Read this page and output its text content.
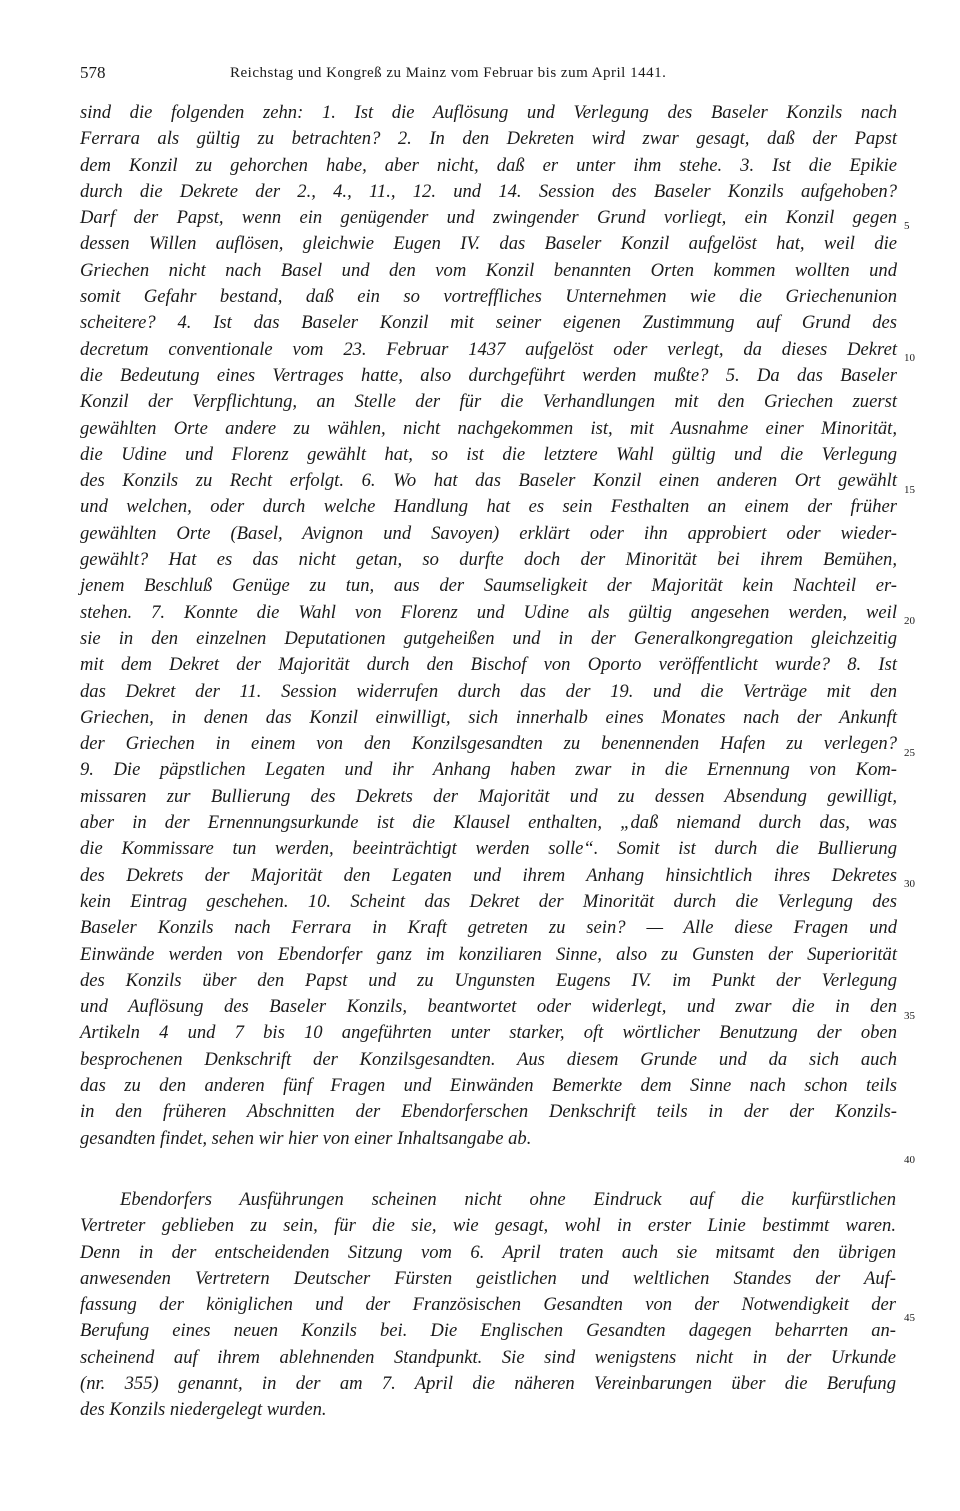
578	Reichstag und Kongreß zu Mainz vom Februar bis zum April 1441.
sind die folgenden zehn: 1. Ist die Auflösung und Verlegung des Baseler Konzils nach
Ferrara als gültig zu betrachten? 2. In den Dekreten wird zwar gesagt, daß der Papst
dem Konzil zu gehorchen habe, aber nicht, daß er unter ihm stehe. 3. Ist die Epikie
durch die Dekrete der 2., 4., 11., 12. und 14. Session des Baseler Konzils aufgehoben?
Darf der Papst, wenn ein genügender und zwingender Grund vorliegt, ein Konzil gegen
dessen Willen auflösen, gleichwie Eugen IV. das Baseler Konzil aufgelöst hat, weil die
Griechen nicht nach Basel und den vom Konzil benannten Orten kommen wollten und
somit Gefahr bestand, daß ein so vortreffliches Unternehmen wie die Griechenunion
scheitere? 4. Ist das Baseler Konzil mit seiner eigenen Zustimmung auf Grund des
decretum conventionale vom 23. Februar 1437 aufgelöst oder verlegt, da dieses Dekret
die Bedeutung eines Vertrages hatte, also durchgeführt werden mußte? 5. Da das Baseler
Konzil der Verpflichtung, an Stelle der für die Verhandlungen mit den Griechen zuerst
gewählten Orte andere zu wählen, nicht nachgekommen ist, mit Ausnahme einer Minorität,
die Udine und Florenz gewählt hat, so ist die letztere Wahl gültig und die Verlegung
des Konzils zu Recht erfolgt. 6. Wo hat das Baseler Konzil einen anderen Ort gewählt
und welchen, oder durch welche Handlung hat es sein Festhalten an einem der früher
gewählten Orte (Basel, Avignon und Savoyen) erklärt oder ihn approbiert oder wieder-
gewählt? Hat es das nicht getan, so durfte doch der Minorität bei ihrem Bemühen,
jenem Beschluß Genüge zu tun, aus der Saumseligkeit der Majorität kein Nachteil er-
stehen. 7. Konnte die Wahl von Florenz und Udine als gültig angesehen werden, weil
sie in den einzelnen Deputationen gutgeheißen und in der Generalkongregation gleichzeitig
mit dem Dekret der Majorität durch den Bischof von Oporto veröffentlicht wurde? 8. Ist
das Dekret der 11. Session widerrufen durch das der 19. und die Verträge mit den
Griechen, in denen das Konzil einwilligt, sich innerhalb eines Monates nach der Ankunft
der Griechen in einem von den Konzilsgesandten zu benennenden Hafen zu verlegen?
9. Die päpstlichen Legaten und ihr Anhang haben zwar in die Ernennung von Kom-
missaren zur Bullierung des Dekrets der Majorität und zu dessen Absendung gewilligt,
aber in der Ernennungsurkunde ist die Klausel enthalten, „daß niemand durch das, was
die Kommissare tun werden, beeinträchtigt werden solle“. Somit ist durch die Bullierung
des Dekrets der Majorität den Legaten und ihrem Anhang hinsichtlich ihres Dekretes
kein Eintrag geschehen. 10. Scheint das Dekret der Minorität durch die Verlegung des
Baseler Konzils nach Ferrara in Kraft getreten zu sein? — Alle diese Fragen und
Einwände werden von Ebendorfer ganz im konziliaren Sinne, also zu Gunsten der Superiorität
des Konzils über den Papst und zu Ungunsten Eugens IV. im Punkt der Verlegung
und Auflösung des Baseler Konzils, beantwortet oder widerlegt, und zwar die in den
Artikeln 4 und 7 bis 10 angeführten unter starker, oft wörtlicher Benutzung der oben
besprochenen Denkschrift der Konzilsgesandten. Aus diesem Grunde und da sich auch
das zu den anderen fünf Fragen und Einwänden Bemerkte dem Sinne nach schon teils
in den früheren Abschnitten der Ebendorferschen Denkschrift teils in der der Konzils-
gesandten findet, sehen wir hier von einer Inhaltsangabe ab.
Ebendorfers Ausführungen scheinen nicht ohne Eindruck auf die kurfürstlichen
Vertreter geblieben zu sein, für die sie, wie gesagt, wohl in erster Linie bestimmt waren.
Denn in der entscheidenden Sitzung vom 6. April traten auch sie mitsamt den übrigen
anwesenden Vertretern Deutscher Fürsten geistlichen und weltlichen Standes der Auf-
fassung der königlichen und der Französischen Gesandten von der Notwendigkeit der
Berufung eines neuen Konzils bei. Die Englischen Gesandten dagegen beharrten an-
scheinend auf ihrem ablehnenden Standpunkt. Sie sind wenigstens nicht in der Urkunde
(nr. 355) genannt, in der am 7. April die näheren Vereinbarungen über die Berufung
des Konzils niedergelegt wurden.
5
10
15
20
25
30
35
40
45
